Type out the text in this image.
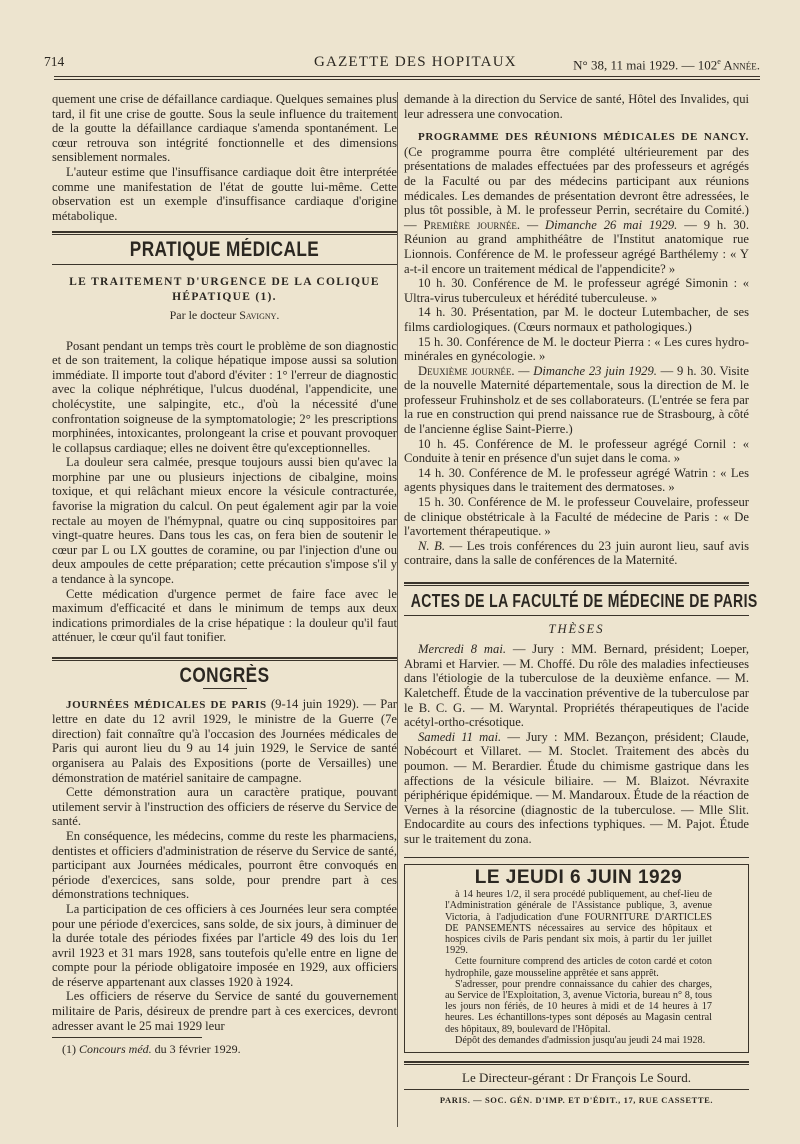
714	GAZETTE DES HOPITAUX	N° 38, 11 mai 1929. — 102e Année.

quement une crise de défaillance cardiaque. Quelques semaines plus tard, il fit une crise de goutte. Sous la seule influence du traitement de la goutte la défaillance cardiaque s'amenda spontanément. Le cœur retrouva son intégrité fonctionnelle et des dimensions sensiblement normales.

L'auteur estime que l'insuffisance cardiaque doit être interprétée comme une manifestation de l'état de goutte lui-même. Cette observation est un exemple d'insuffisance cardiaque d'origine métabolique.

PRATIQUE MÉDICALE
LE TRAITEMENT D'URGENCE DE LA COLIQUE HÉPATIQUE (1).
Par le docteur Savigny.

Posant pendant un temps très court le problème de son diagnostic et de son traitement, la colique hépatique impose aussi sa solution immédiate. Il importe tout d'abord d'éviter : 1° l'erreur de diagnostic avec la colique néphrétique, l'ulcus duodénal, l'appendicite, une cholécystite, une salpingite, etc., d'où la nécessité d'une confrontation soigneuse de la symptomatologie; 2° les prescriptions morphinées, intoxicantes, prolongeant la crise et pouvant provoquer le collapsus cardiaque; elles ne doivent être qu'exceptionnelles.

La douleur sera calmée, presque toujours aussi bien qu'avec la morphine par une ou plusieurs injections de cibalgine, moins toxique, et qui relâchant mieux encore la vésicule contracturée, favorise la migration du calcul. On peut également agir par la voie rectale au moyen de l'hémypnal, quatre ou cinq suppositoires par vingt-quatre heures. Dans tous les cas, on fera bien de soutenir le cœur par L ou LX gouttes de coramine, ou par l'injection d'une ou deux ampoules de cette préparation; cette précaution s'impose s'il y a tendance à la syncope.

Cette médication d'urgence permet de faire face avec le maximum d'efficacité et dans le minimum de temps aux deux indications primordiales de la crise hépatique : la douleur qu'il faut atténuer, le cœur qu'il faut tonifier.

CONGRÈS

JOURNÉES MÉDICALES DE PARIS (9-14 juin 1929). — Par lettre en date du 12 avril 1929, le ministre de la Guerre (7e direction) fait connaître qu'à l'occasion des Journées médicales de Paris qui auront lieu du 9 au 14 juin 1929, le Service de santé organisera au Palais des Expositions (porte de Versailles) une démonstration de matériel sanitaire de campagne.

Cette démonstration aura un caractère pratique, pouvant utilement servir à l'instruction des officiers de réserve du Service de santé.

En conséquence, les médecins, comme du reste les pharmaciens, dentistes et officiers d'administration de réserve du Service de santé, participant aux Journées médicales, pourront être convoqués en période d'exercices, sans solde, pour prendre part à ces démonstrations techniques.

La participation de ces officiers à ces Journées leur sera comptée pour une période d'exercices, sans solde, de six jours, à diminuer de la durée totale des périodes fixées par l'article 49 des lois du 1er avril 1923 et 31 mars 1928, sans toutefois qu'elle entre en ligne de compte pour la période obligatoire imposée en 1929, aux officiers de réserve appartenant aux classes 1920 à 1924.

Les officiers de réserve du Service de santé du gouvernement militaire de Paris, désireux de prendre part à ces exercices, devront adresser avant le 25 mai 1929 leur

(1) Concours méd. du 3 février 1929.

demande à la direction du Service de santé, Hôtel des Invalides, qui leur adressera une convocation.

PROGRAMME DES RÉUNIONS MÉDICALES DE NANCY. (Ce programme pourra être complété ultérieurement par des présentations de malades effectuées par des professeurs et agrégés de la Faculté ou par des médecins participant aux réunions médicales. Les demandes de présentation devront être adressées, le plus tôt possible, à M. le professeur Perrin, secrétaire du Comité.) — Première journée. — Dimanche 26 mai 1929. — 9 h. 30. Réunion au grand amphithéâtre de l'Institut anatomique rue Lionnois. Conférence de M. le professeur agrégé Barthélemy : « Y a-t-il encore un traitement médical de l'appendicite? »

10 h. 30. Conférence de M. le professeur agrégé Simonin : « Ultra-virus tuberculeux et hérédité tuberculeuse. »

14 h. 30. Présentation, par M. le docteur Lutembacher, de ses films cardiologiques. (Cœurs normaux et pathologiques.)

15 h. 30. Conférence de M. le docteur Pierra : « Les cures hydro-minérales en gynécologie. »

Deuxième journée. — Dimanche 23 juin 1929. — 9 h. 30. Visite de la nouvelle Maternité départementale, sous la direction de M. le professeur Fruhinsholz et de ses collaborateurs. (L'entrée se fera par la rue en construction qui prend naissance rue de Strasbourg, à côté de l'ancienne église Saint-Pierre.)

10 h. 45. Conférence de M. le professeur agrégé Cornil : « Conduite à tenir en présence d'un sujet dans le coma. »

14 h. 30. Conférence de M. le professeur agrégé Watrin : « Les agents physiques dans le traitement des dermatoses. »

15 h. 30. Conférence de M. le professeur Couvelaire, professeur de clinique obstétricale à la Faculté de médecine de Paris : « De l'avortement thérapeutique. »

N. B. — Les trois conférences du 23 juin auront lieu, sauf avis contraire, dans la salle de conférences de la Maternité.

ACTES DE LA FACULTÉ DE MÉDECINE DE PARIS
THÈSES

Mercredi 8 mai. — Jury : MM. Bernard, président; Loeper, Abrami et Harvier. — M. Choffé. Du rôle des maladies infectieuses dans l'étiologie de la tuberculose de la deuxième enfance. — M. Kaletcheff. Étude de la vaccination préventive de la tuberculose par le B. C. G. — M. Waryntal. Propriétés thérapeutiques de l'acide acétyl-ortho-crésotique.

Samedi 11 mai. — Jury : MM. Bezançon, président; Claude, Nobécourt et Villaret. — M. Stoclet. Traitement des abcès du poumon. — M. Berardier. Étude du chimisme gastrique dans les affections de la vésicule biliaire. — M. Blaizot. Névraxite périphérique épidémique. — M. Mandaroux. Étude de la réaction de Vernes à la résorcine (diagnostic de la tuberculose. — Mlle Slit. Endocardite au cours des infections typhiques. — M. Pajot. Étude sur le traitement du zona.

LE JEUDI 6 JUIN 1929

à 14 heures 1/2, il sera procédé publiquement, au chef-lieu de l'Administration générale de l'Assistance publique, 3, avenue Victoria, à l'adjudication d'une FOURNITURE D'ARTICLES DE PANSEMENTS nécessaires au service des hôpitaux et hospices civils de Paris pendant six mois, à partir du 1er juillet 1929.

Cette fourniture comprend des articles de coton cardé et coton hydrophile, gaze mousseline apprêtée et sans apprêt.

S'adresser, pour prendre connaissance du cahier des charges, au Service de l'Exploitation, 3, avenue Victoria, bureau n° 8, tous les jours non fériés, de 10 heures à midi et de 14 heures à 17 heures. Les échantillons-types sont déposés au Magasin central des hôpitaux, 89, boulevard de l'Hôpital.

Dépôt des demandes d'admission jusqu'au jeudi 24 mai 1928.

Le Directeur-gérant : Dr François Le Sourd.
PARIS. — SOC. GÉN. D'IMP. ET D'ÉDIT., 17, RUE CASSETTE.
